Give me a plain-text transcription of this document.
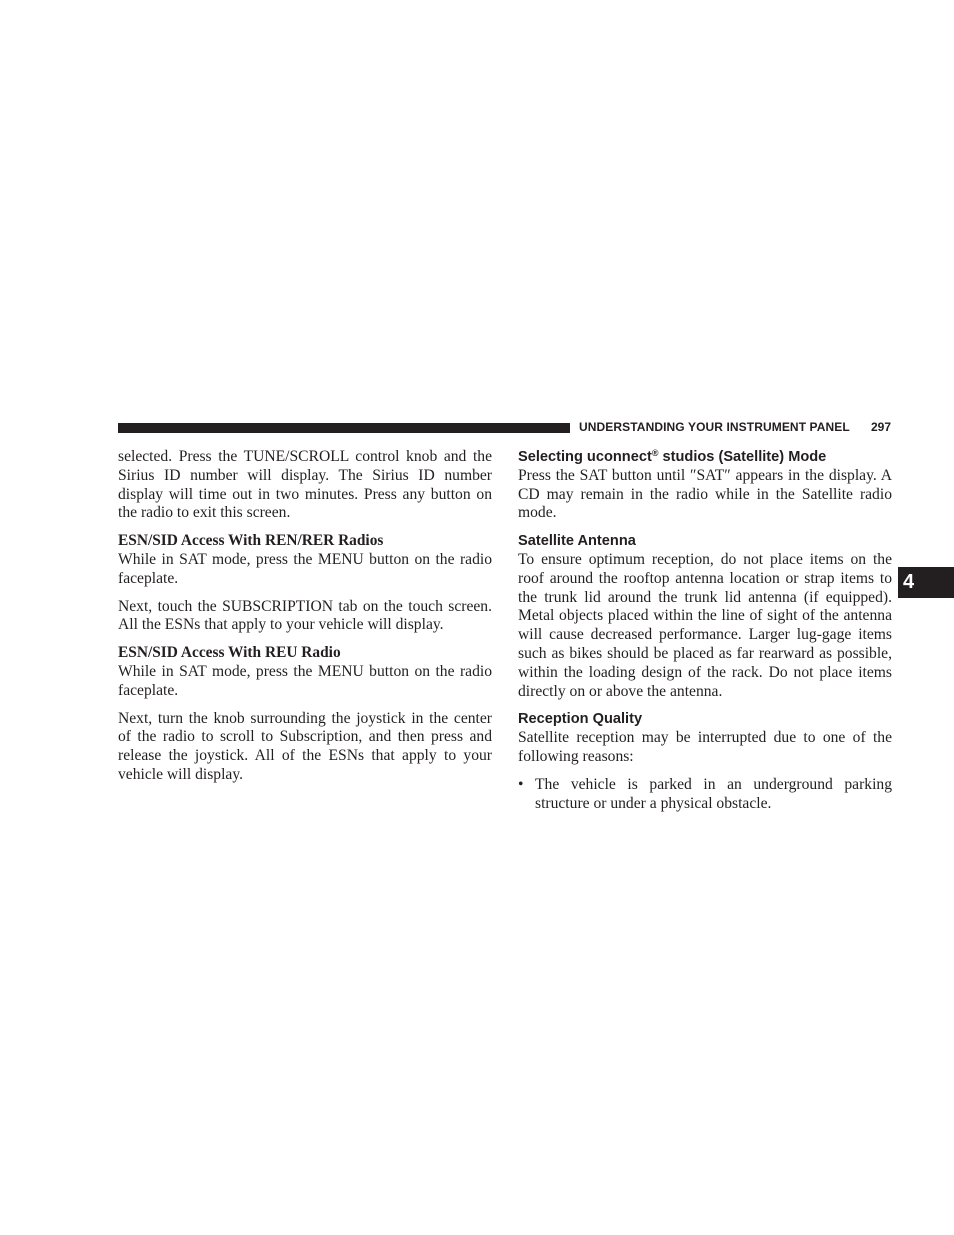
UNDERSTANDING YOUR INSTRUMENT PANEL 297
4

selected. Press the TUNE/SCROLL control knob and the Sirius ID number will display. The Sirius ID number display will time out in two minutes. Press any button on the radio to exit this screen.

ESN/SID Access With REN/RER Radios

While in SAT mode, press the MENU button on the radio faceplate.

Next, touch the SUBSCRIPTION tab on the touch screen. All the ESNs that apply to your vehicle will display.

ESN/SID Access With REU Radio

While in SAT mode, press the MENU button on the radio faceplate.

Next, turn the knob surrounding the joystick in the center of the radio to scroll to Subscription, and then press and release the joystick. All of the ESNs that apply to your vehicle will display.

Selecting uconnect® studios (Satellite) Mode

Press the SAT button until ″SAT″ appears in the display. A CD may remain in the radio while in the Satellite radio mode.

Satellite Antenna

To ensure optimum reception, do not place items on the roof around the rooftop antenna location or strap items to the trunk lid around the trunk lid antenna (if equipped). Metal objects placed within the line of sight of the antenna will cause decreased performance. Larger lug-gage items such as bikes should be placed as far rearward as possible, within the loading design of the rack. Do not place items directly on or above the antenna.

Reception Quality

Satellite reception may be interrupted due to one of the following reasons:

• The vehicle is parked in an underground parking structure or under a physical obstacle.
